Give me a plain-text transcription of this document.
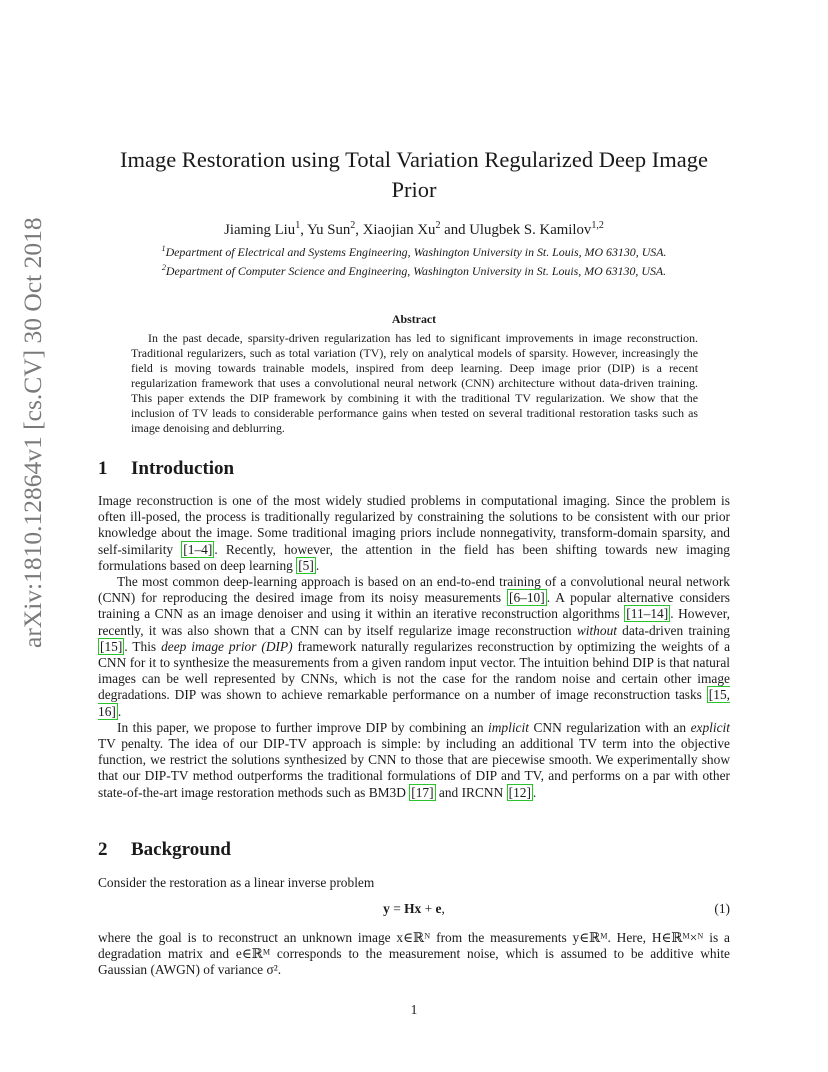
arXiv:1810.12864v1 [cs.CV] 30 Oct 2018
Image Restoration using Total Variation Regularized Deep Image Prior
Jiaming Liu$^1$, Yu Sun$^2$, Xiaojian Xu$^2$ and Ulugbek S. Kamilov$^{1,2}$
$^1$Department of Electrical and Systems Engineering, Washington University in St. Louis, MO 63130, USA.
$^2$Department of Computer Science and Engineering, Washington University in St. Louis, MO 63130, USA.
Abstract

In the past decade, sparsity-driven regularization has led to significant improvements in image reconstruction. Traditional regularizers, such as total variation (TV), rely on analytical models of sparsity. However, increasingly the field is moving towards trainable models, inspired from deep learning. Deep image prior (DIP) is a recent regularization framework that uses a convolutional neural network (CNN) architecture without data-driven training. This paper extends the DIP framework by combining it with the traditional TV regularization. We show that the inclusion of TV leads to considerable performance gains when tested on several traditional restoration tasks such as image denoising and deblurring.

1 Introduction

Image reconstruction is one of the most widely studied problems in computational imaging. Since the problem is often ill-posed, the process is traditionally regularized by constraining the solutions to be consistent with our prior knowledge about the image. Some traditional imaging priors include nonnegativity, transform-domain sparsity, and self-similarity [1–4] . Recently, however, the attention in the field has been shifting towards new imaging formulations based on deep learning [5] .

The most common deep-learning approach is based on an end-to-end training of a convolutional neural network (CNN) for reproducing the desired image from its noisy measurements [6–10] . A popular alternative considers training a CNN as an image denoiser and using it within an iterative reconstruction algorithms [11–14] . However, recently, it was also shown that a CNN can by itself regularize image reconstruction without data-driven training [15] . This deep image prior (DIP) framework naturally regularizes reconstruction by optimizing the weights of a CNN for it to synthesize the measurements from a given random input vector. The intuition behind DIP is that natural images can be well represented by CNNs, which is not the case for the random noise and certain other image degradations. DIP was shown to achieve remarkable performance on a number of image reconstruction tasks [15, 16] .

In this paper, we propose to further improve DIP by combining an implicit CNN regularization with an explicit TV penalty. The idea of our DIP-TV approach is simple: by including an additional TV term into the objective function, we restrict the solutions synthesized by CNN to those that are piecewise smooth. We experimentally show that our DIP-TV method outperforms the traditional formulations of DIP and TV, and performs on a par with other state-of-the-art image restoration methods such as BM3D [17] and IRCNN [12] .

2 Background
Consider the restoration as a linear inverse problem
y = Hx + e,	(1)
where the goal is to reconstruct an unknown image x∈ℝᴺ from the measurements y∈ℝᴹ. Here, H∈ℝᴹ×ᴺ is a degradation matrix and e∈ℝᴹ corresponds to the measurement noise, which is assumed to be additive white Gaussian (AWGN) of variance σ².
1
